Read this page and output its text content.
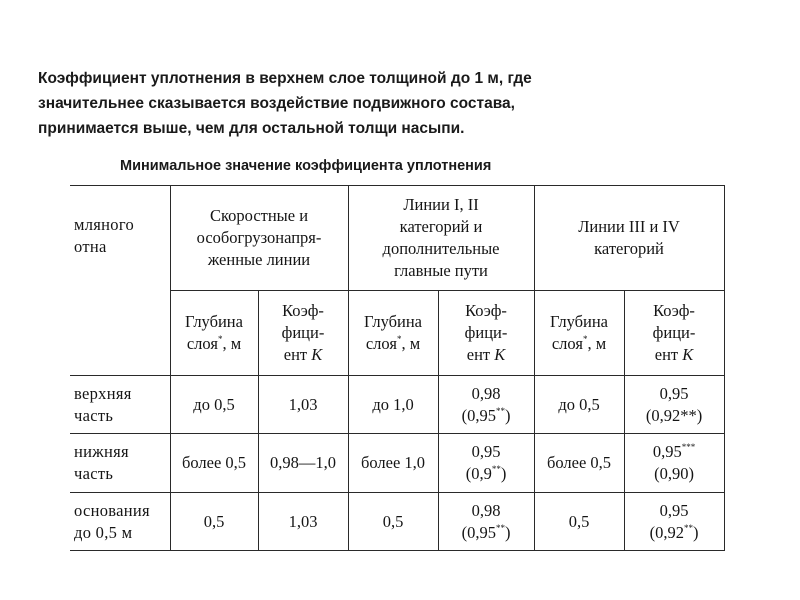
Коэффициент уплотнения в верхнем слое толщиной до 1 м, где
значительнее сказывается воздействие подвижного состава,
принимается выше, чем для остальной толщи насыпи.
Минимальное значение коэффициента уплотнения
мляного
отна	Скоростные и
особогрузонапря-
женные линии		Линии I, II
категорий и
дополнительные
главные пути		Линии III и IV
категорий	

	Глубина
слоя*, м	Коэф-
фици-
ент K	Глубина
слоя*, м	Коэф-
фици-
ент K	Глубина
слоя*, м	Коэф-
фици-
ент K

верхняя
часть	до 0,5	1,03	до 1,0	0,98
(0,95**)	до 0,5	0,95
(0,92**)

нижняя
часть	более 0,5	0,98—1,0	более 1,0	0,95
(0,9**)	более 0,5	0,95***
(0,90)

основания
до 0,5 м	0,5	1,03	0,5	0,98
(0,95**)	0,5	0,95
(0,92**)
